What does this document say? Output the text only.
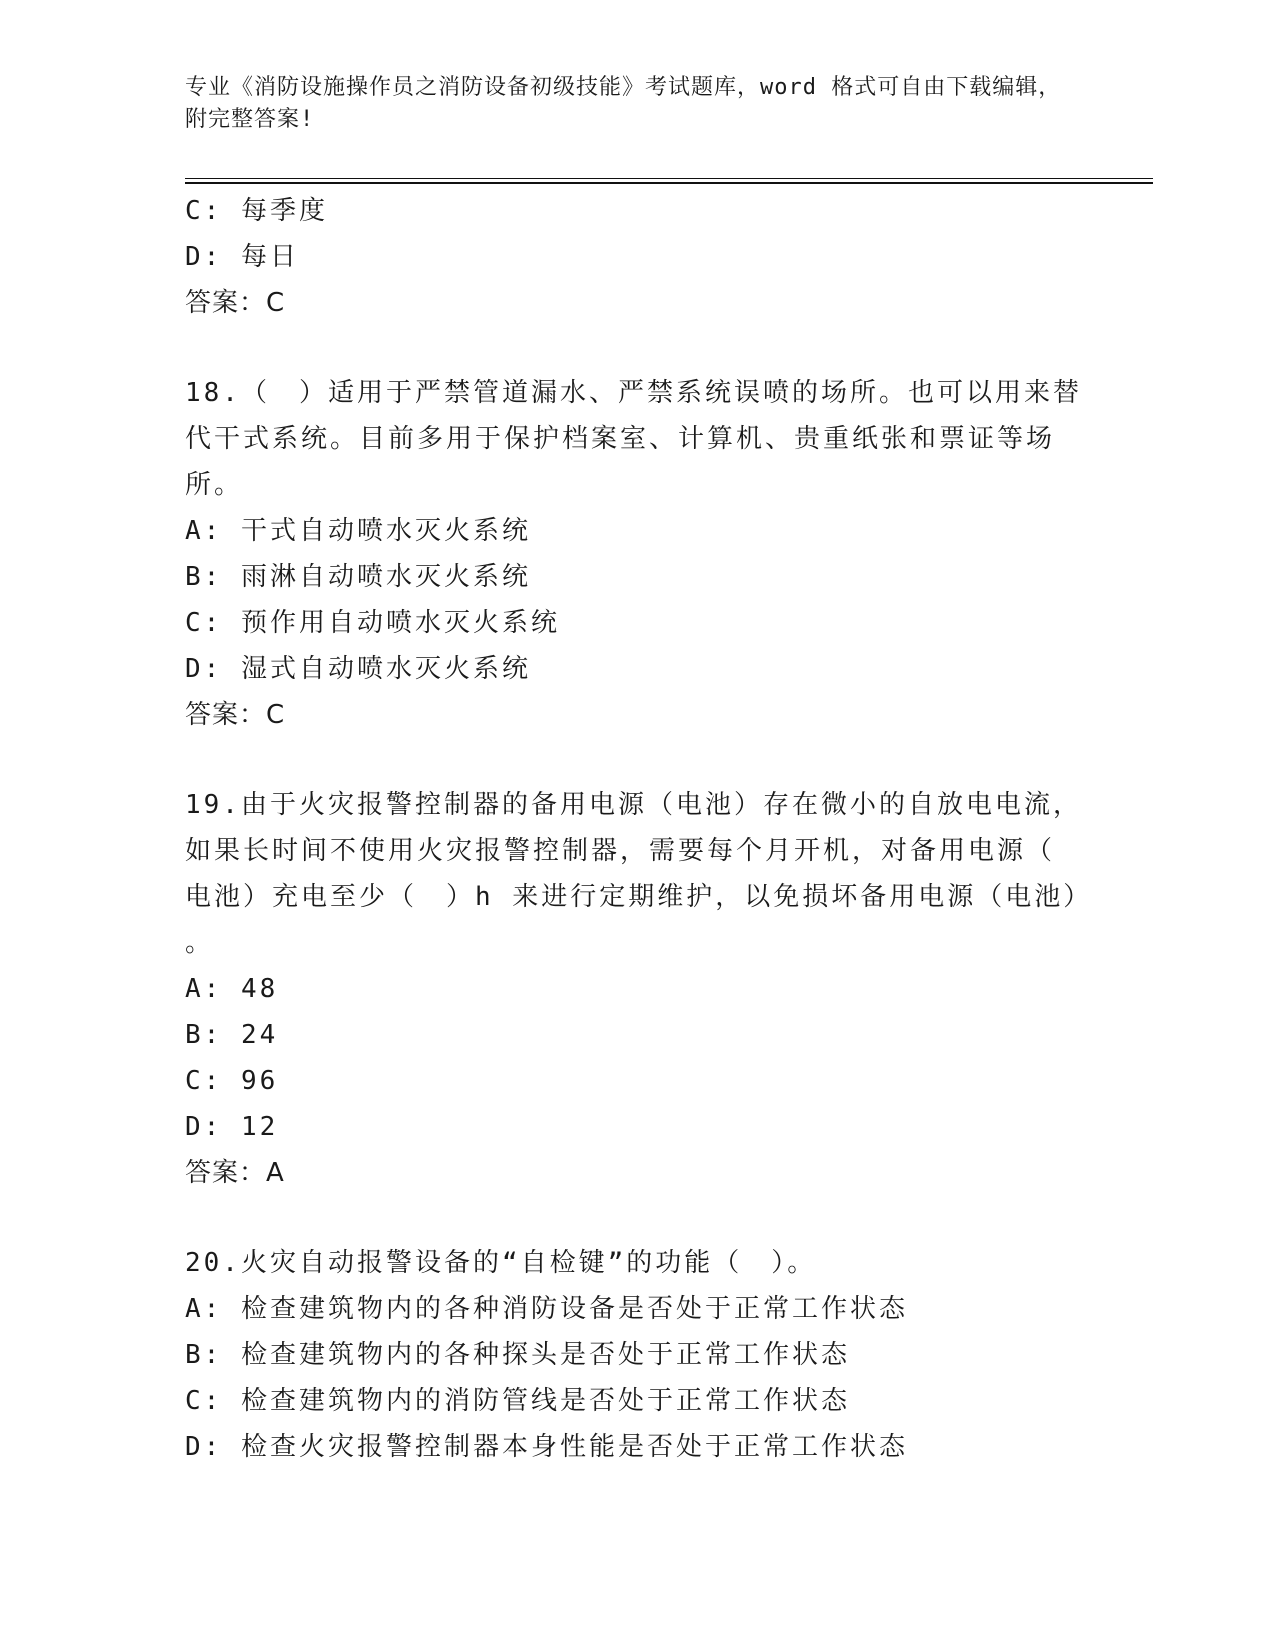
专业《消防设施操作员之消防设备初级技能》考试题库，word 格式可自由下载编辑，附完整答案!
C: 每季度
D: 每日
答案：C
18.（　）适用于严禁管道漏水、严禁系统误喷的场所。也可以用来替
代干式系统。目前多用于保护档案室、计算机、贵重纸张和票证等场
所。
A: 干式自动喷水灭火系统
B: 雨淋自动喷水灭火系统
C: 预作用自动喷水灭火系统
D: 湿式自动喷水灭火系统
答案：C
19.由于火灾报警控制器的备用电源（电池）存在微小的自放电电流，
如果长时间不使用火灾报警控制器，需要每个月开机，对备用电源（
电池）充电至少（　）h 来进行定期维护，以免损坏备用电源（电池）
。
A: 48
B: 24
C: 96
D: 12
答案：A
20.火灾自动报警设备的“自检键”的功能（　）。
A: 检查建筑物内的各种消防设备是否处于正常工作状态
B: 检查建筑物内的各种探头是否处于正常工作状态
C: 检查建筑物内的消防管线是否处于正常工作状态
D: 检查火灾报警控制器本身性能是否处于正常工作状态
